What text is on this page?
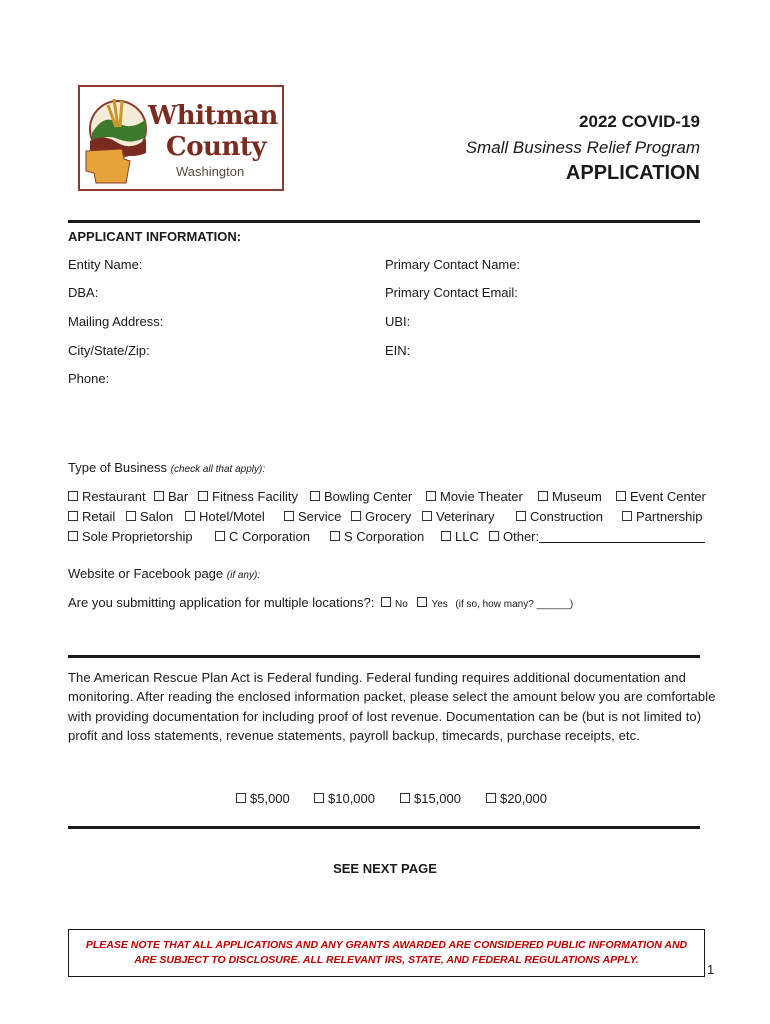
Whitman
County
Washington
2022 COVID-19
Small Business Relief Program
APPLICATION
APPLICANT INFORMATION:
Entity Name:
DBA:
Mailing Address:
City/State/Zip:
Phone:
Primary Contact Name:
Primary Contact Email:
UBI:
EIN:
Type of Business (check all that apply):
Restaurant	Bar	Fitness Facility	Bowling Center	Movie Theater	Museum	Event Center
Retail	Salon	Hotel/Motel	Service	Grocery	Veterinary	Construction	Partnership
Sole Proprietorship	C Corporation	S Corporation	LLC	Other:
Website or Facebook page (if any):
Are you submitting application for multiple locations?: No Yes (if so, how many? ______)
The American Rescue Plan Act is Federal funding. Federal funding requires additional documentation and monitoring. After reading the enclosed information packet, please select the amount below you are comfortable with providing documentation for including proof of lost revenue. Documentation can be (but is not limited to) profit and loss statements, revenue statements, payroll backup, timecards, purchase receipts, etc.
$5,000	$10,000	$15,000	$20,000
SEE NEXT PAGE
PLEASE NOTE THAT ALL APPLICATIONS AND ANY GRANTS AWARDED ARE CONSIDERED PUBLIC INFORMATION AND
ARE SUBJECT TO DISCLOSURE. ALL RELEVANT IRS, STATE, AND FEDERAL REGULATIONS APPLY.
1
